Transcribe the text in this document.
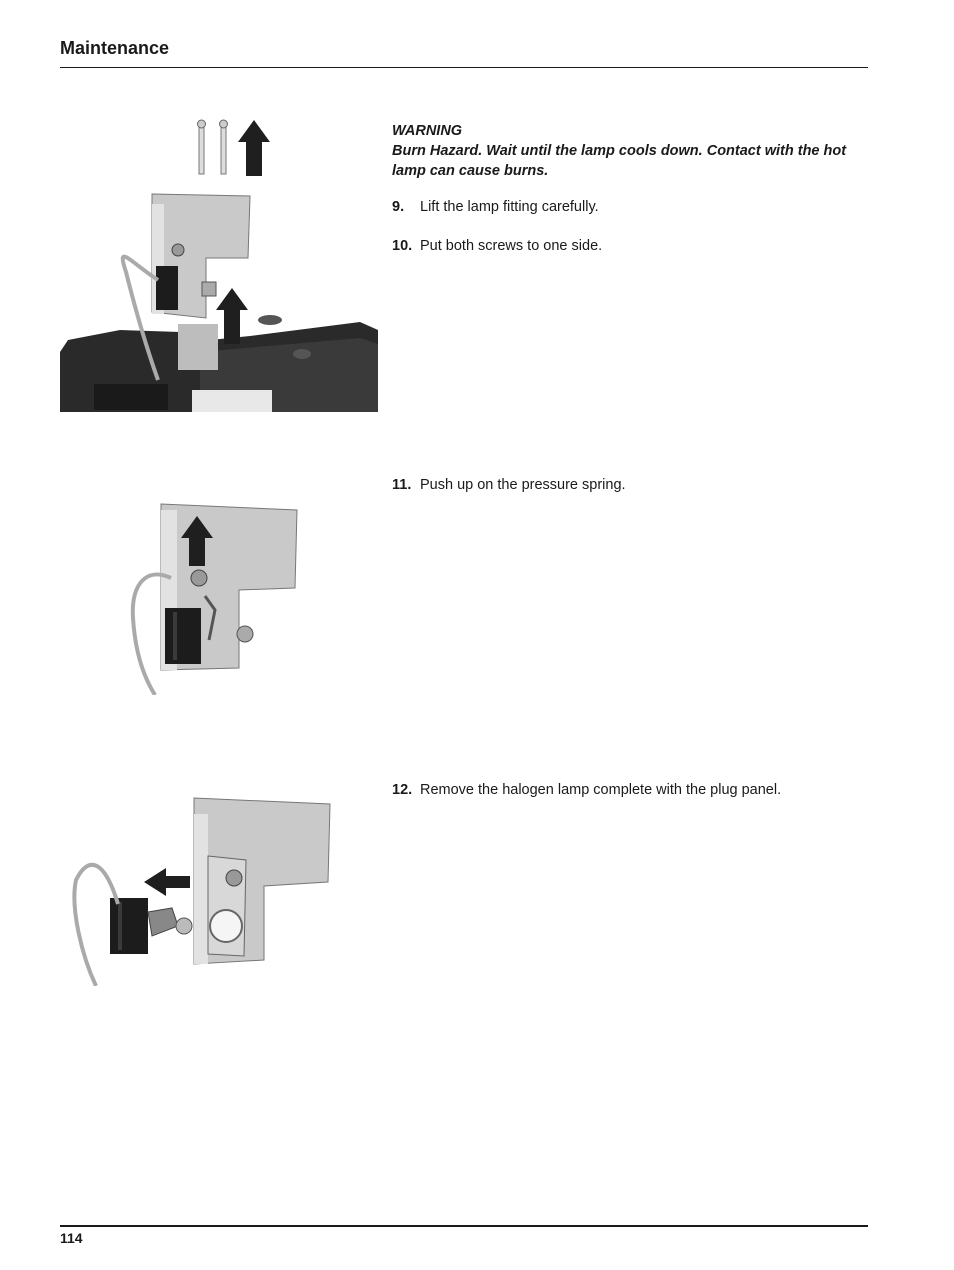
Maintenance
WARNING
Burn Hazard. Wait until the lamp cools down. Contact with the hot lamp can cause burns.
9. Lift the lamp fitting carefully.
10. Put both screws to one side.
11. Push up on the pressure spring.
12. Remove the halogen lamp complete with the plug panel.
114
